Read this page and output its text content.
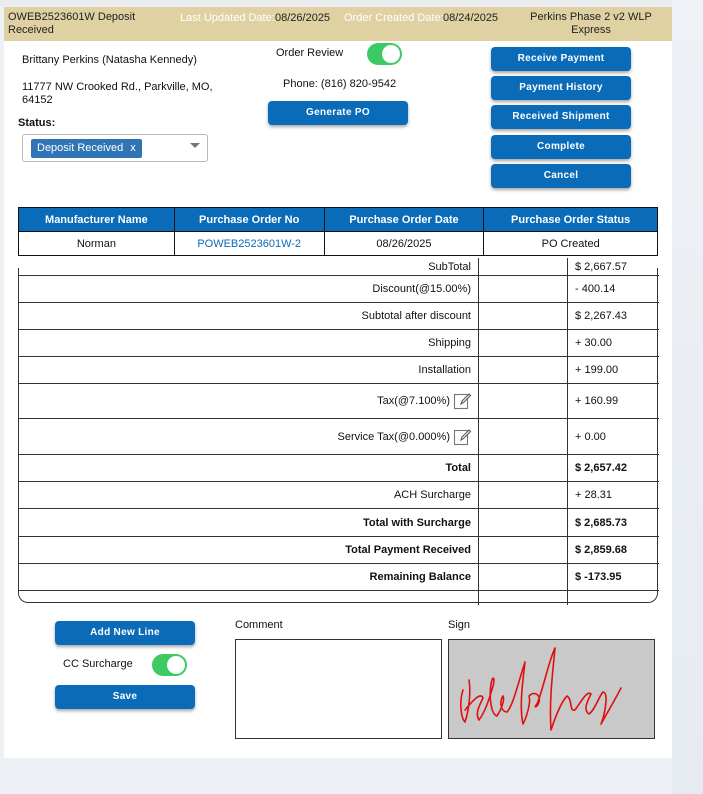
OWEB2523601W Deposit Received
Last Updated Date: 08/26/2025 Order Created Date: 08/24/2025	Perkins Phase 2 v2 WLP Express
Brittany Perkins (Natasha Kennedy)
11777 NW Crooked Rd., Parkville, MO, 64152
Status:
Deposit Received x
Order Review
Phone: (816) 820-9542
Generate PO
Receive Payment
Payment History
Received Shipment
Complete
Cancel
Manufacturer Name	Purchase Order No	Purchase Order Date	Purchase Order Status
Norman	POWEB2523601W-2	08/26/2025	PO Created
SubTotal	$ 2,667.57
Discount(@15.00%)	- 400.14
Subtotal after discount	$ 2,267.43
Shipping	+ 30.00
Installation	+ 199.00
Tax(@7.100%)	+ 160.99
Service Tax(@0.000%)	+ 0.00
Total	$ 2,657.42
ACH Surcharge	+ 28.31
Total with Surcharge	$ 2,685.73
Total Payment Received	$ 2,859.68
Remaining Balance	$ -173.95
Add New Line
CC Surcharge
Save
Comment	Sign
